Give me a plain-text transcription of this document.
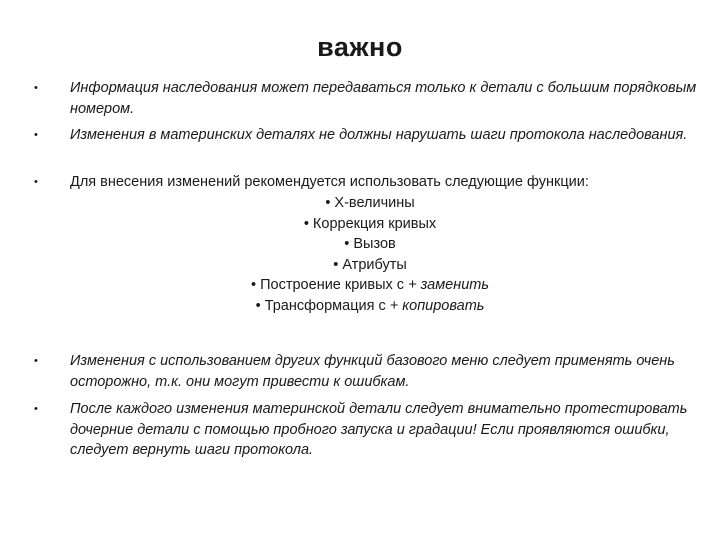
важно
• Информация наследования может передаваться только к детали с большим порядковым номером.
• Изменения в материнских деталях не должны нарушать шаги протокола наследования.
• Для внесения изменений рекомендуется использовать следующие функции:
• X-величины
• Коррекция кривых
• Вызов
• Атрибуты
• Построение кривых с + заменить
• Трансформация с + копировать
• Изменения с использованием других функций базового меню следует применять очень осторожно, т.к. они могут привести к ошибкам.
• После каждого изменения материнской детали следует внимательно протестировать дочерние детали с помощью пробного запуска и градации! Если проявляются ошибки, следует вернуть шаги протокола.
